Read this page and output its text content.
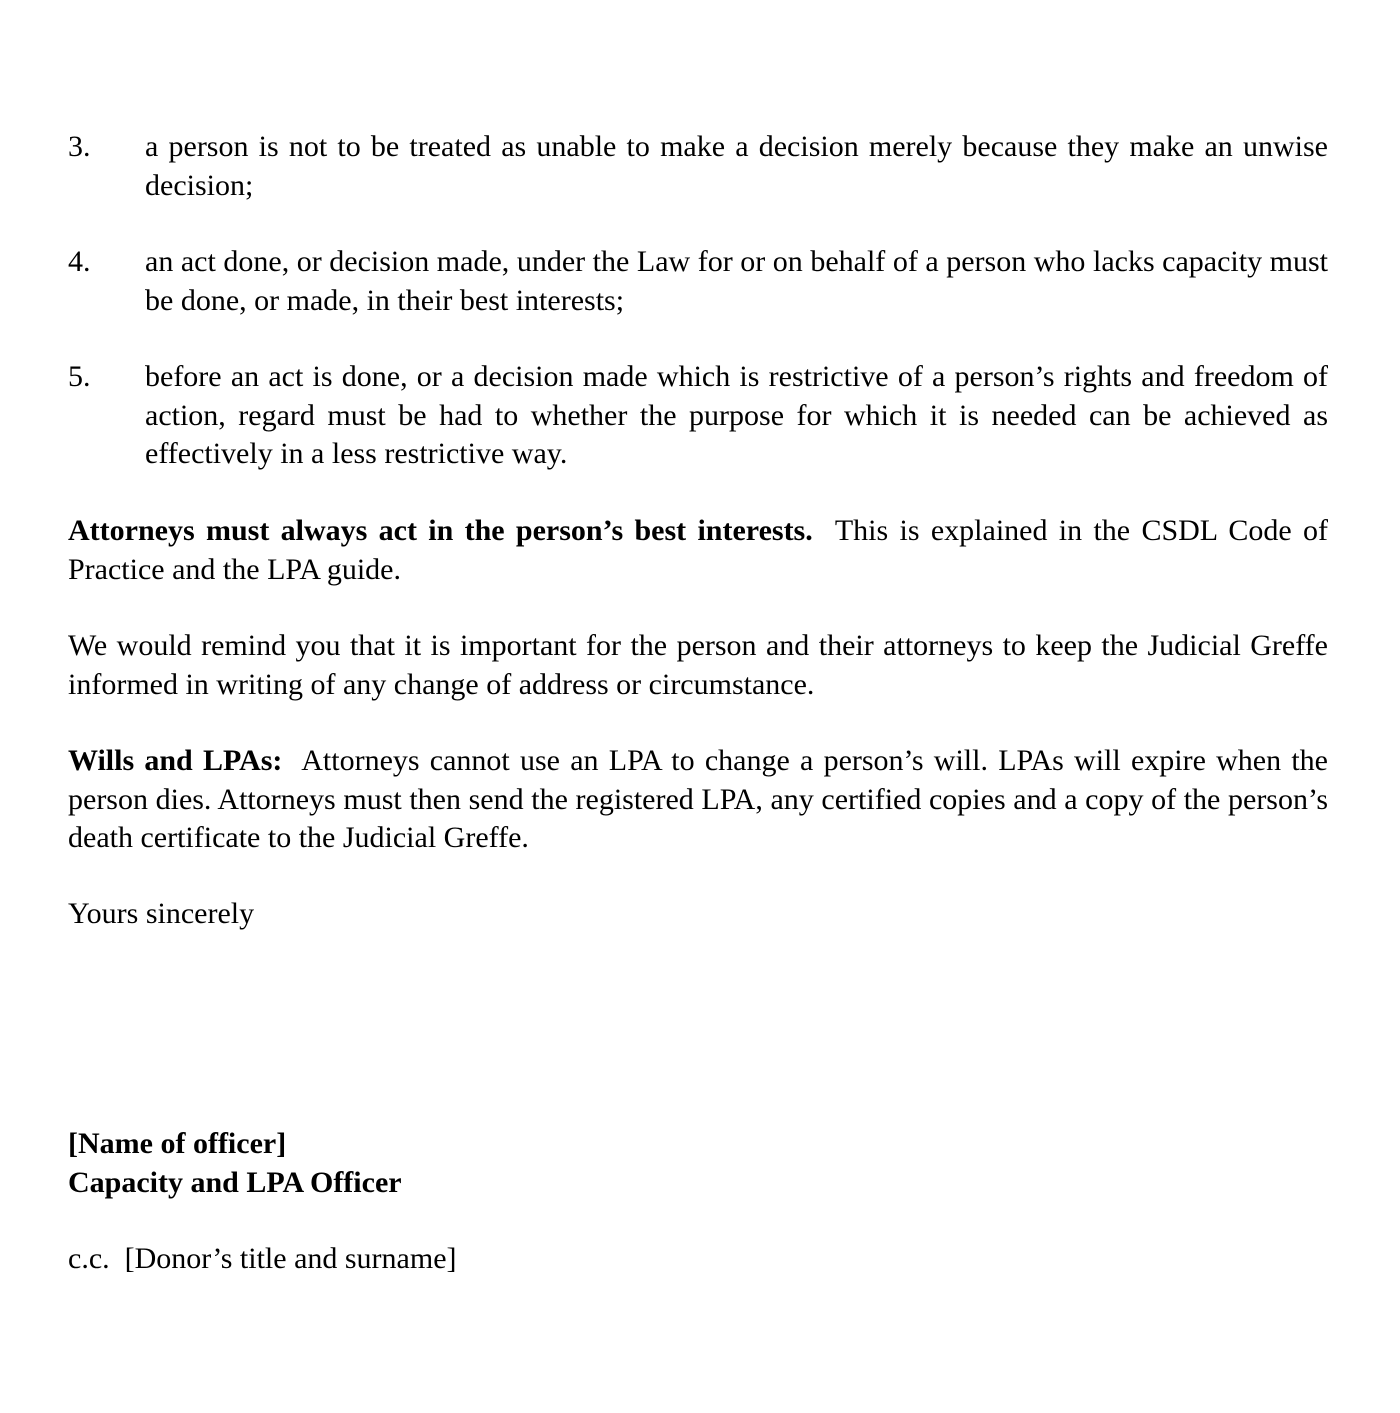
3. a person is not to be treated as unable to make a decision merely because they make an unwise decision;
4. an act done, or decision made, under the Law for or on behalf of a person who lacks capacity must be done, or made, in their best interests;
5. before an act is done, or a decision made which is restrictive of a person’s rights and freedom of action, regard must be had to whether the purpose for which it is needed can be achieved as effectively in a less restrictive way.
Attorneys must always act in the person’s best interests. This is explained in the CSDL Code of Practice and the LPA guide.
We would remind you that it is important for the person and their attorneys to keep the Judicial Greffe informed in writing of any change of address or circumstance.
Wills and LPAs: Attorneys cannot use an LPA to change a person’s will. LPAs will expire when the person dies. Attorneys must then send the registered LPA, any certified copies and a copy of the person’s death certificate to the Judicial Greffe.
Yours sincerely
[Name of officer]
Capacity and LPA Officer
c.c. [Donor’s title and surname]
